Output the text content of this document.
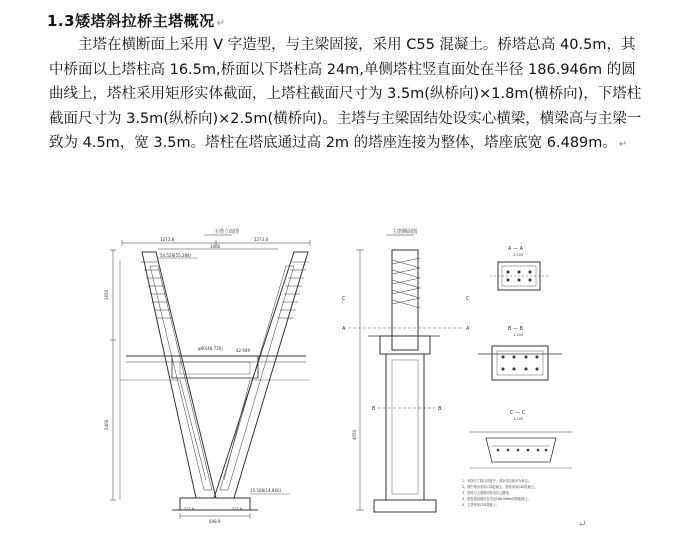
1.3矮塔斜拉桥主塔概况 ↵
主塔在横断面上采用 V 字造型，与主梁固接，采用 C55 混凝土。桥塔总高 40.5m，其中桥面以上塔柱高 16.5m,桥面以下塔柱高 24m,单侧塔柱竖直面处在半径 186.946m 的圆曲线上，塔柱采用矩形实体截面，上塔柱截面尺寸为 3.5m(纵桥向)×1.8m(横桥向)，下塔柱截面尺寸为 3.5m(纵桥向)×2.5m(横桥向)。主塔与主梁固结处设实心横梁，横梁高与主梁一致为 4.5m，宽 3.5m。塔柱在塔底通过高 2m 的塔座连接为整体，塔座底宽 6.489m。 ↵
主塔立面图
1273.8	1273.8
1000
1650
2400
ψ40(48.720)	42.949
54.528(55.284)
648.9
225.6	225.6
15.508(14.860)
主塔侧面图
4050
C	C
A	A
B	B
A — A
1:100
B — B
1:100
C — C
1:100
1、本图尺寸除注明者外，其余均以厘米为单位。
2、图中塔身采用C55混凝土，塔座采用C40混凝土。
3、塔柱与主梁固结处设实心横梁。
4、塔柱竖直面处在半径186.946m的圆曲线上。
5、主塔采用C55混凝土。
↵
